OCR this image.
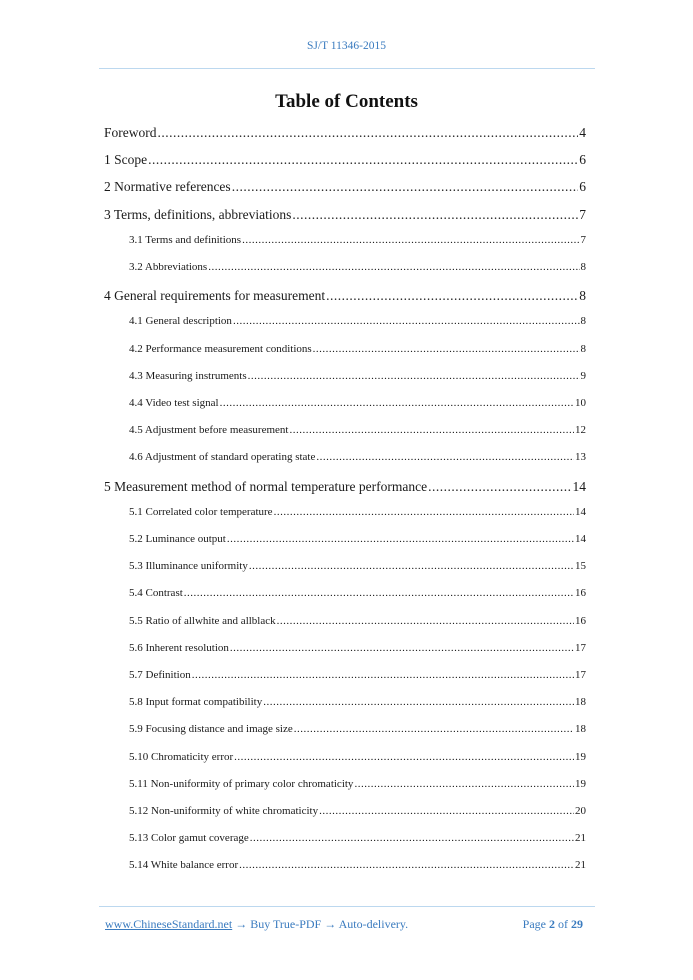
SJ/T 11346-2015
Table of Contents
Foreword .....	4
1 Scope .....	6
2 Normative references .....	6
3 Terms, definitions, abbreviations .....	7
3.1 Terms and definitions .....	7
3.2 Abbreviations .....	8
4 General requirements for measurement .....	8
4.1 General description .....	8
4.2 Performance measurement conditions .....	8
4.3 Measuring instruments .....	9
4.4 Video test signal .....	10
4.5 Adjustment before measurement .....	12
4.6 Adjustment of standard operating state .....	13
5 Measurement method of normal temperature performance .....	14
5.1 Correlated color temperature .....	14
5.2 Luminance output .....	14
5.3 Illuminance uniformity .....	15
5.4 Contrast .....	16
5.5 Ratio of allwhite and allblack .....	16
5.6 Inherent resolution .....	17
5.7 Definition .....	17
5.8 Input format compatibility .....	18
5.9 Focusing distance and image size .....	18
5.10 Chromaticity error .....	19
5.11 Non-uniformity of primary color chromaticity .....	19
5.12 Non-uniformity of white chromaticity .....	20
5.13 Color gamut coverage .....	21
5.14 White balance error .....	21
www.ChineseStandard.net → Buy True-PDF → Auto-delivery.	Page 2 of 29
